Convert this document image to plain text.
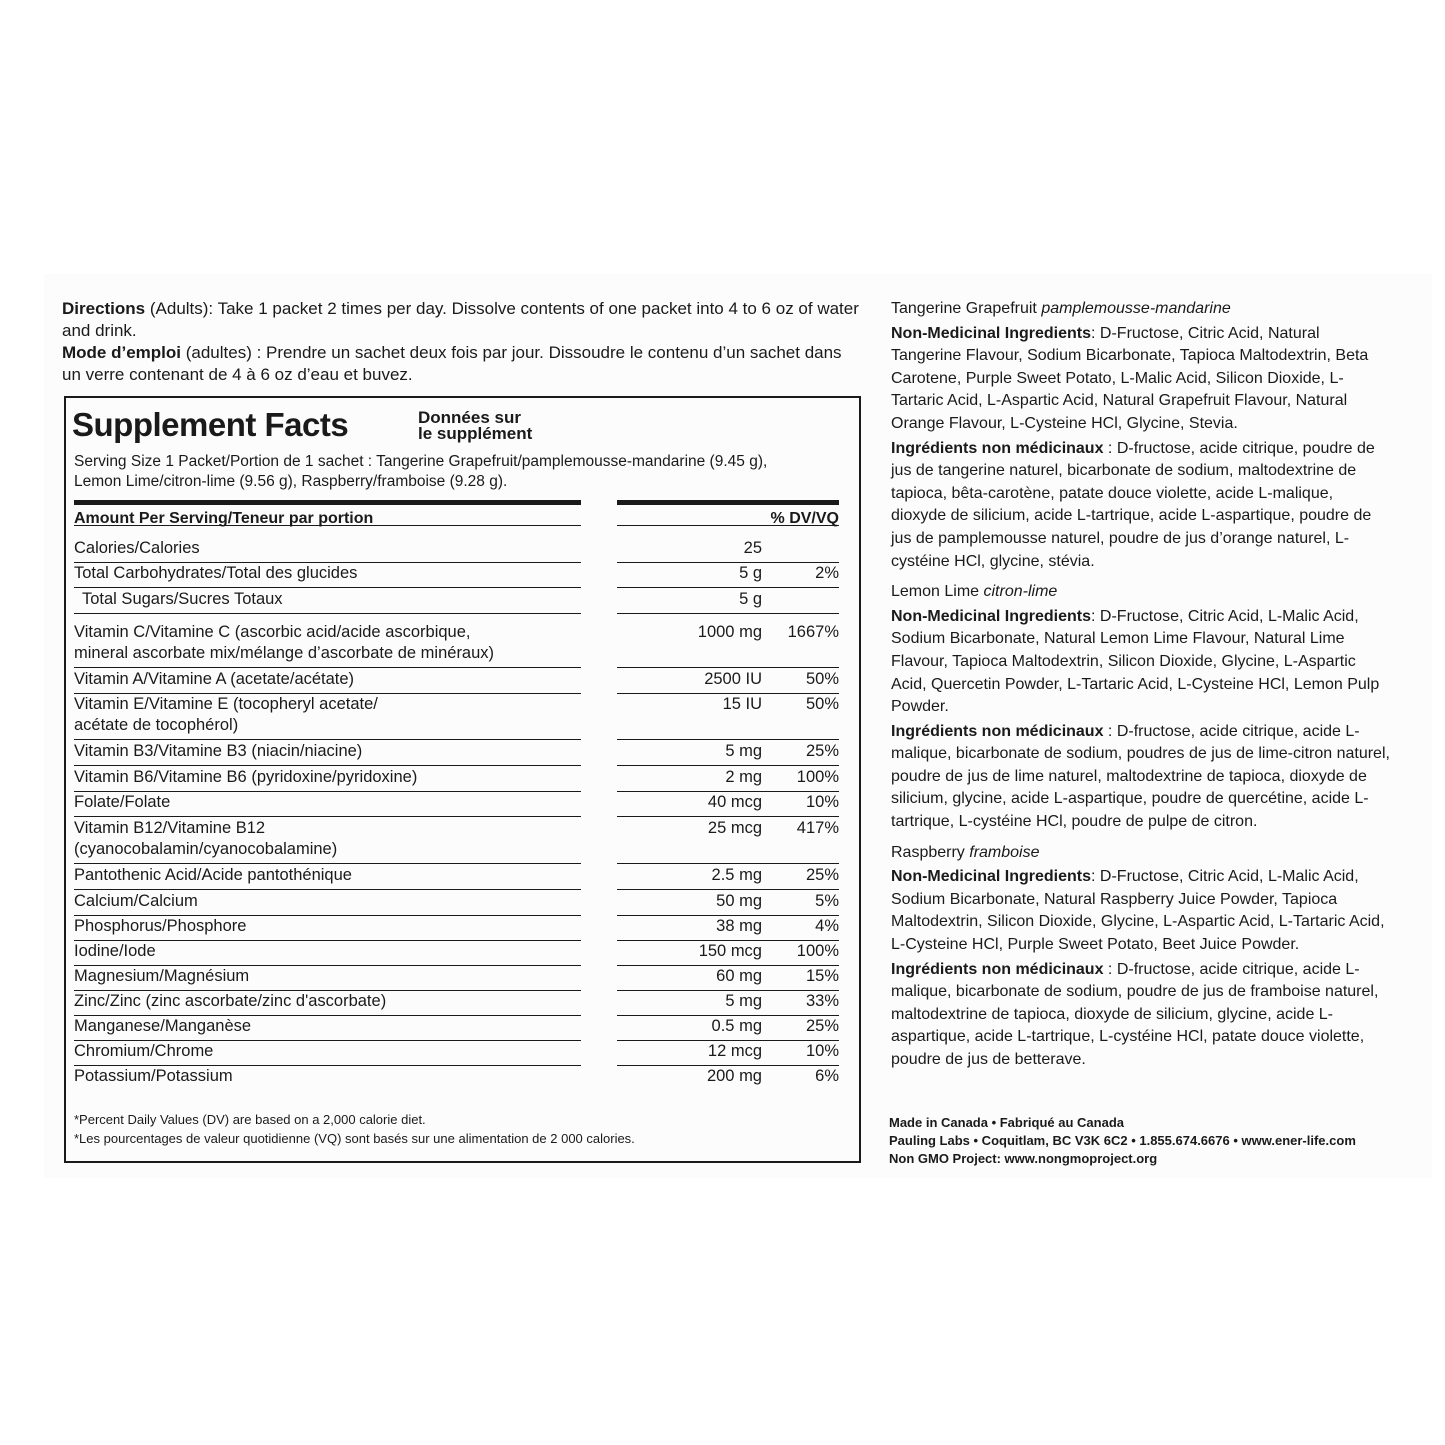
Directions (Adults): Take 1 packet 2 times per day. Dissolve contents of one packet into 4 to 6 oz of water and drink.

Mode d’emploi (adultes) : Prendre un sachet deux fois par jour. Dissoudre le contenu d’un sachet dans un verre contenant de 4 à 6 oz d’eau et buvez.

Supplement Facts	Données sur
le supplément
Serving Size 1 Packet/Portion de 1 sachet : Tangerine Grapefruit/pamplemousse-mandarine (9.45 g),
Lemon Lime/citron-lime (9.56 g), Raspberry/framboise (9.28 g).
Amount Per Serving/Teneur par portion	% DV/VQ
Calories/Calories	25
Total Carbohydrates/Total des glucides	5 g	2%
Total Sugars/Sucres Totaux	5 g
Vitamin C/Vitamine C (ascorbic acid/acide ascorbique,
mineral ascorbate mix/mélange d’ascorbate de minéraux)
1000 mg	1667%
Vitamin A/Vitamine A (acetate/acétate)	2500 IU	50%
Vitamin E/Vitamine E (tocopheryl acetate/
acétate de tocophérol)
15 IU	50%
Vitamin B3/Vitamine B3 (niacin/niacine)	5 mg	25%
Vitamin B6/Vitamine B6 (pyridoxine/pyridoxine)	2 mg	100%
Folate/Folate	40 mcg	10%
Vitamin B12/Vitamine B12
(cyanocobalamin/cyanocobalamine)
25 mcg	417%
Pantothenic Acid/Acide pantothénique	2.5 mg	25%
Calcium/Calcium	50 mg	5%
Phosphorus/Phosphore	38 mg	4%
Iodine/Iode	150 mcg	100%
Magnesium/Magnésium	60 mg	15%
Zinc/Zinc (zinc ascorbate/zinc d'ascorbate)	5 mg	33%
Manganese/Manganèse	0.5 mg	25%
Chromium/Chrome	12 mcg	10%
Potassium/Potassium	200 mg	6%
*Percent Daily Values (DV) are based on a 2,000 calorie diet.
*Les pourcentages de valeur quotidienne (VQ) sont basés sur une alimentation de 2 000 calories.

Tangerine Grapefruit pamplemousse-mandarine

Non-Medicinal Ingredients: D-Fructose, Citric Acid, Natural Tangerine Flavour, Sodium Bicarbonate, Tapioca Maltodextrin, Beta Carotene, Purple Sweet Potato, L-Malic Acid, Silicon Dioxide, L-Tartaric Acid, L-Aspartic Acid, Natural Grapefruit Flavour, Natural Orange Flavour, L-Cysteine HCl, Glycine, Stevia.

Ingrédients non médicinaux : D-fructose, acide citrique, poudre de jus de tangerine naturel, bicarbonate de sodium, maltodextrine de tapioca, bêta-carotène, patate douce violette, acide L-malique, dioxyde de silicium, acide L-tartrique, acide L-aspartique, poudre de jus de pamplemousse naturel, poudre de jus d’orange naturel, L-cystéine HCl, glycine, stévia.

Lemon Lime citron-lime

Non-Medicinal Ingredients: D-Fructose, Citric Acid, L-Malic Acid, Sodium Bicarbonate, Natural Lemon Lime Flavour, Natural Lime Flavour, Tapioca Maltodextrin, Silicon Dioxide, Glycine, L-Aspartic Acid, Quercetin Powder, L-Tartaric Acid, L-Cysteine HCl, Lemon Pulp Powder.

Ingrédients non médicinaux : D-fructose, acide citrique, acide L-malique, bicarbonate de sodium, poudres de jus de lime-citron naturel, poudre de jus de lime naturel, maltodextrine de tapioca, dioxyde de silicium, glycine, acide L-aspartique, poudre de quercétine, acide L-tartrique, L-cystéine HCl, poudre de pulpe de citron.

Raspberry framboise

Non-Medicinal Ingredients: D-Fructose, Citric Acid, L-Malic Acid, Sodium Bicarbonate, Natural Raspberry Juice Powder, Tapioca Maltodextrin, Silicon Dioxide, Glycine, L-Aspartic Acid, L-Tartaric Acid, L-Cysteine HCl, Purple Sweet Potato, Beet Juice Powder.

Ingrédients non médicinaux : D-fructose, acide citrique, acide L-malique, bicarbonate de sodium, poudre de jus de framboise naturel, maltodextrine de tapioca, dioxyde de silicium, glycine, acide L-aspartique, acide L-tartrique, L-cystéine HCl, patate douce violette, poudre de jus de betterave.

Made in Canada • Fabriqué au Canada
Pauling Labs • Coquitlam, BC V3K 6C2 • 1.855.674.6676 • www.ener-life.com
Non GMO Project: www.nongmoproject.org
